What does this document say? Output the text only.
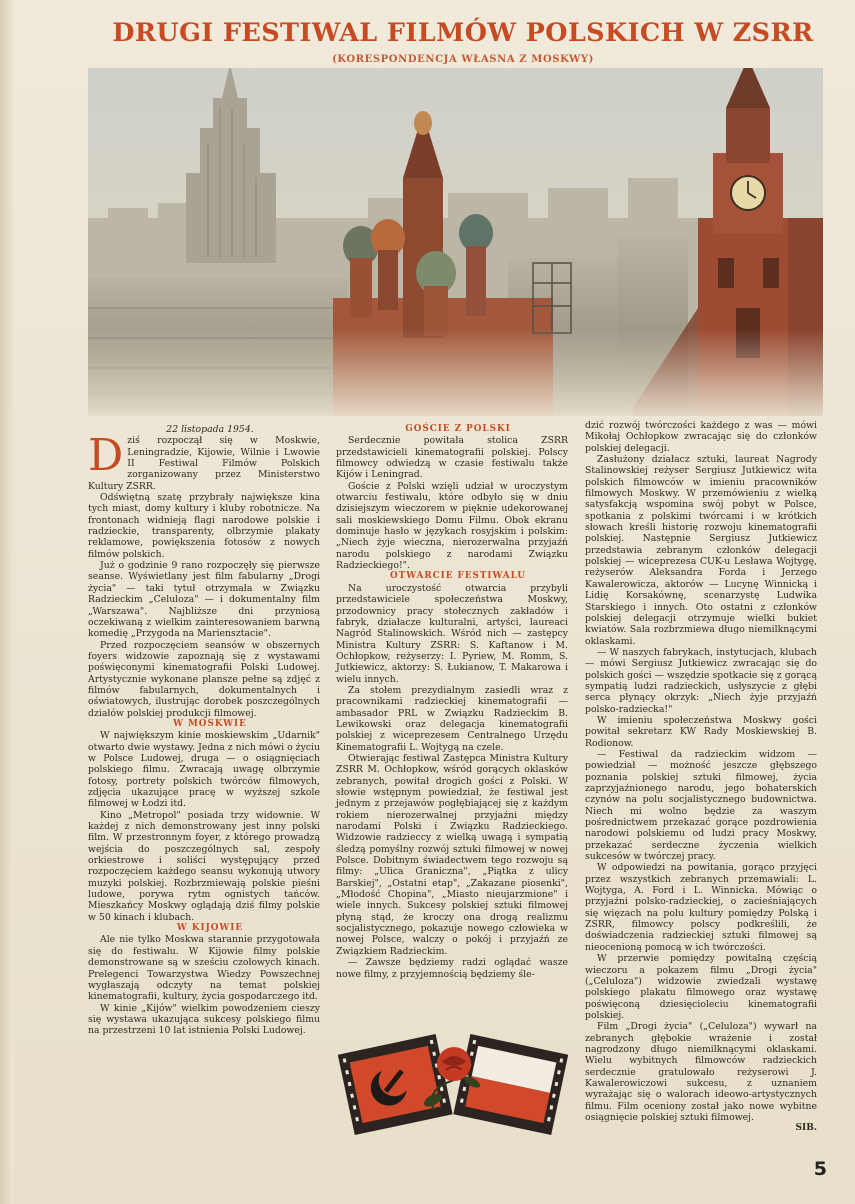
DRUGI FESTIWAL FILMÓW POLSKICH W ZSRR
(KORESPONDENCJA WŁASNA Z MOSKWY)

22 listopada 1954.

D ziś rozpoczął się w Moskwie, Leningradzie, Kijowie, Wilnie i Lwowie II Festiwal Filmów Polskich zorganizowany przez Ministerstwo Kultury ZSRR.

Odświętną szatę przybrały największe kina tych miast, domy kultury i kluby robotnicze. Na frontonach widnieją flagi narodowe polskie i radzieckie, transparenty, olbrzymie plakaty reklamowe, powiększenia fotosów z nowych filmów polskich.

Już o godzinie 9 rano rozpoczęły się pierwsze seanse. Wyświetlany jest film fabularny „Drogi życia" — taki tytuł otrzymała w Związku Radzieckim „Celuloza" — i dokumentalny film „Warszawa". Najbliższe dni przyniosą oczekiwaną z wielkim zainteresowaniem barwną komedię „Przygoda na Mariensztacie".

Przed rozpoczęciem seansów w obszernych foyers widzowie zapoznają się z wystawami poświęconymi kinematografii Polski Ludowej. Artystycznie wykonane plansze pełne są zdjęć z filmów fabularnych, dokumentalnych i oświatowych, ilustrując dorobek poszczególnych działów polskiej produkcji filmowej.

W MOSKWIE

W największym kinie moskiewskim „Udarnik" otwarto dwie wystawy. Jedna z nich mówi o życiu w Polsce Ludowej, druga — o osiągnięciach polskiego filmu. Zwracają uwagę olbrzymie fotosy, portrety polskich twórców filmowych, zdjęcia ukazujące pracę w wyższej szkole filmowej w Łodzi itd.

Kino „Metropol" posiada trzy widownie. W każdej z nich demonstrowany jest inny polski film. W przestronnym foyer, z którego prowadzą wejścia do poszczególnych sal, zespoły orkiestrowe i soliści występujący przed rozpoczęciem każdego seansu wykonują utwory muzyki polskiej. Rozbrzmiewają polskie pieśni ludowe, porywa rytm ognistych tańców. Mieszkańcy Moskwy oglądają dziś filmy polskie w 50 kinach i klubach.

W KIJOWIE

Ale nie tylko Moskwa starannie przygotowała się do festiwalu. W Kijowie filmy polskie demonstrowane są w sześciu czołowych kinach. Prelegenci Towarzystwa Wiedzy Powszechnej wygłaszają odczyty na temat polskiej kinematografii, kultury, życia gospodarczego itd.

W kinie „Kijów" wielkim powodzeniem cieszy się wystawa ukazująca sukcesy polskiego filmu na przestrzeni 10 lat istnienia Polski Ludowej.

GOŚCIE Z POLSKI

Serdecznie powitała stolica ZSRR przedstawicieli kinematografii polskiej. Polscy filmowcy odwiedzą w czasie festiwalu także Kijów i Leningrad.

Goście z Polski wzięli udział w uroczystym otwarciu festiwalu, które odbyło się w dniu dzisiejszym wieczorem w pięknie udekorowanej sali moskiewskiego Domu Filmu. Obok ekranu dominuje hasło w językach rosyjskim i polskim: „Niech żyje wieczna, nierozerwalna przyjaźń narodu polskiego z narodami Związku Radzieckiego!".

OTWARCIE FESTIWALU

Na uroczystość otwarcia przybyli przedstawiciele społeczeństwa Moskwy, przodownicy pracy stołecznych zakładów i fabryk, działacze kulturalni, artyści, laureaci Nagród Stalinowskich. Wśród nich — zastępcy Ministra Kultury ZSRR: S. Kaftanow i M. Ochłopkow, reżyserzy: I. Pyriew, M. Romm, S. Jutkiewicz, aktorzy: S. Łukianow, T. Makarowa i wielu innych.

Za stołem prezydialnym zasiedli wraz z pracownikami radzieckiej kinematografii — ambasador PRL w Związku Radzieckim B. Lewikowski oraz delegacja kinematografii polskiej z wiceprezesem Centralnego Urzędu Kinematografii L. Wojtygą na czele.

Otwierając festiwal Zastępca Ministra Kultury ZSRR M. Ochłopkow, wśród gorących oklasków zebranych, powitał drogich gości z Polski. W słowie wstępnym powiedział, że festiwal jest jednym z przejawów pogłębiającej się z każdym rokiem nierozerwalnej przyjaźni między narodami Polski i Związku Radzieckiego. Widzowie radzieccy z wielką uwagą i sympatią śledzą pomyślny rozwój sztuki filmowej w nowej Polsce. Dobitnym świadectwem tego rozwoju są filmy: „Ulica Graniczna", „Piątka z ulicy Barskiej", „Ostatni etap", „Zakazane piosenki", „Młodość Chopina", „Miasto nieujarzmione" i wiele innych. Sukcesy polskiej sztuki filmowej płyną stąd, że kroczy ona drogą realizmu socjalistycznego, pokazuje nowego człowieka w nowej Polsce, walczy o pokój i przyjaźń ze Związkiem Radzieckim.

— Zawsze będziemy radzi oglądać wasze nowe filmy, z przyjemnością będziemy śle-

dzić rozwój twórczości każdego z was — mówi Mikołaj Ochłopkow zwracając się do członków polskiej delegacji.

Zasłużony działacz sztuki, laureat Nagrody Stalinowskiej reżyser Sergiusz Jutkiewicz wita polskich filmowców w imieniu pracowników filmowych Moskwy. W przemówieniu z wielką satysfakcją wspomina swój pobyt w Polsce, spotkania z polskimi twórcami i w krótkich słowach kreśli historię rozwoju kinematografii polskiej. Następnie Sergiusz Jutkiewicz przedstawia zebranym członków delegacji polskiej — wiceprezesa CUK-u Lesława Wojtygę, reżyserów Aleksandra Forda i Jerzego Kawalerowicza, aktorów — Lucynę Winnicką i Lidię Korsakównę, scenarzystę Ludwika Starskiego i innych. Oto ostatni z członków polskiej delegacji otrzymuje wielki bukiet kwiatów. Sala rozbrzmiewa długo niemilknącymi oklaskami.

— W naszych fabrykach, instytucjach, klubach — mówi Sergiusz Jutkiewicz zwracając się do polskich gości — wszędzie spotkacie się z gorącą sympatią ludzi radzieckich, usłyszycie z głębi serca płynący okrzyk: „Niech żyje przyjaźń polsko-radziecka!"

W imieniu społeczeństwa Moskwy gości powitał sekretarz KW Rady Moskiewskiej B. Rodionow.

— Festiwal da radzieckim widzom — powiedział — możność jeszcze głębszego poznania polskiej sztuki filmowej, życia zaprzyjaźnionego narodu, jego bohaterskich czynów na polu socjalistycznego budownictwa. Niech mi wolno będzie za waszym pośrednictwem przekazać gorące pozdrowienia narodowi polskiemu od ludzi pracy Moskwy, przekazać serdeczne życzenia wielkich sukcesów w twórczej pracy.

W odpowiedzi na powitania, gorąco przyjęci przez wszystkich zebranych przemawiali: L. Wojtyga, A. Ford i L. Winnicka. Mówiąc o przyjaźni polsko-radzieckiej, o zacieśniających się więzach na polu kultury pomiędzy Polską i ZSRR, filmowcy polscy podkreślili, że doświadczenia radzieckiej sztuki filmowej są nieocenioną pomocą w ich twórczości.

W przerwie pomiędzy powitalną częścią wieczoru a pokazem filmu „Drogi życia" („Celuloza") widzowie zwiedzali wystawę polskiego plakatu filmowego oraz wystawę poświęconą dziesięcioleciu kinematografii polskiej.

Film „Drogi życia" („Celuloza") wywarł na zebranych głębokie wrażenie i został nagrodzony długo niemilknącymi oklaskami. Wielu wybitnych filmowców radzieckich serdecznie gratulowało reżyserowi J. Kawalerowiczowi sukcesu, z uznaniem wyrażając się o walorach ideowo-artystycznych filmu. Film oceniony został jako nowe wybitne osiągnięcie polskiej sztuki filmowej.

SIB.

5
